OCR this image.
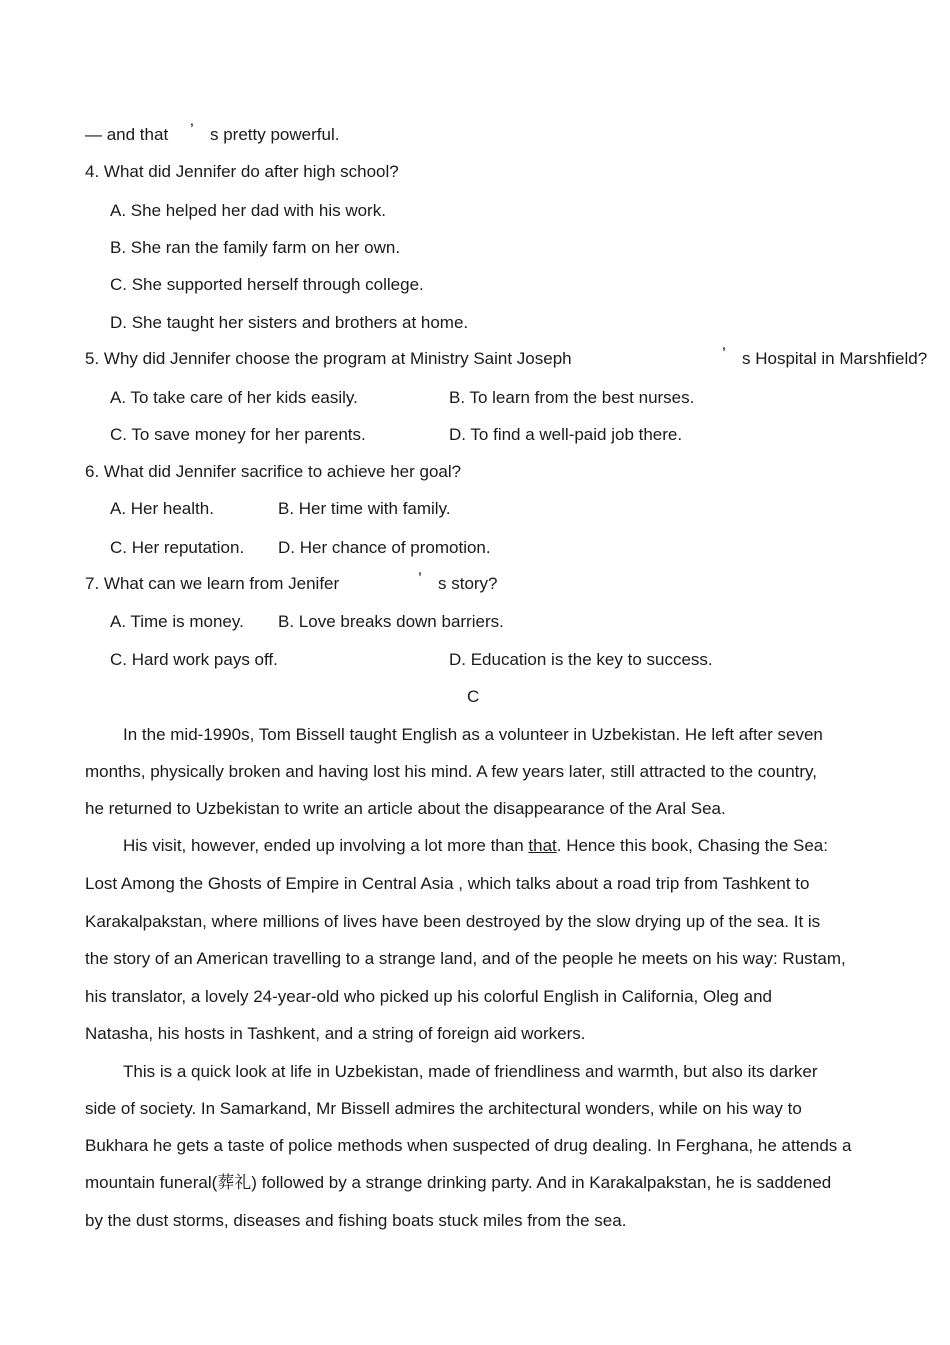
— and that ’ s pretty powerful.
4. What did Jennifer do after high school?
A. She helped her dad with his work.
B. She ran the family farm on her own.
C. She supported herself through college.
D. She taught her sisters and brothers at home.
5. Why did Jennifer choose the program at Ministry Saint Joseph	’ s Hospital in Marshfield?
A. To take care of her kids easily.	B. To learn from the best nurses.
C. To save money for her parents.	D. To find a well-paid job there.
6. What did Jennifer sacrifice to achieve her goal?
A. Her health.	B. Her time with family.
C. Her reputation. D. Her chance of promotion.
7. What can we learn from Jenifer	’ s story?
A. Time is money. B. Love breaks down barriers.
C. Hard work pays off.	D. Education is the key to success.
C
In the mid-1990s, Tom Bissell taught English as a volunteer in Uzbekistan. He left after seven
months, physically broken and having lost his mind. A few years later, still attracted to the country,
he returned to Uzbekistan to write an article about the disappearance of the Aral Sea.
His visit, however, ended up involving a lot more than that. Hence this book, Chasing the Sea:
Lost Among the Ghosts of Empire in Central Asia , which talks about a road trip from Tashkent to
Karakalpakstan, where millions of lives have been destroyed by the slow drying up of the sea. It is
the story of an American travelling to a strange land, and of the people he meets on his way: Rustam,
his translator, a lovely 24-year-old who picked up his colorful English in California, Oleg and
Natasha, his hosts in Tashkent, and a string of foreign aid workers.
This is a quick look at life in Uzbekistan, made of friendliness and warmth, but also its darker
side of society. In Samarkand, Mr Bissell admires the architectural wonders, while on his way to
Bukhara he gets a taste of police methods when suspected of drug dealing. In Ferghana, he attends a
mountain funeral(葬礼) followed by a strange drinking party. And in Karakalpakstan, he is saddened
by the dust storms, diseases and fishing boats stuck miles from the sea.
